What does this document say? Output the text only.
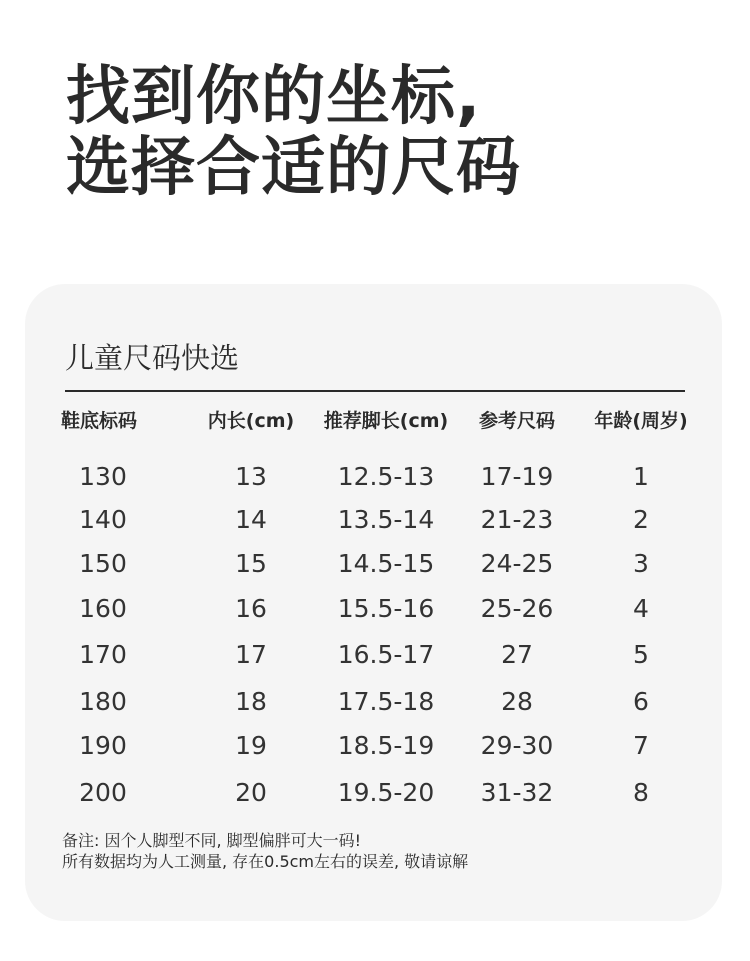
找到你的坐标,
选择合适的尺码
儿童尺码快选
鞋底标码	内长(cm)	推荐脚长(cm)	参考尺码	年龄(周岁)
130	13	12.5-13	17-19	1
140	14	13.5-14	21-23	2
150	15	14.5-15	24-25	3
160	16	15.5-16	25-26	4
170	17	16.5-17	27	5
180	18	17.5-18	28	6
190	19	18.5-19	29-30	7
200	20	19.5-20	31-32	8
备注: 因个人脚型不同, 脚型偏胖可大一码!
所有数据均为人工测量, 存在0.5cm左右的误差, 敬请谅解
